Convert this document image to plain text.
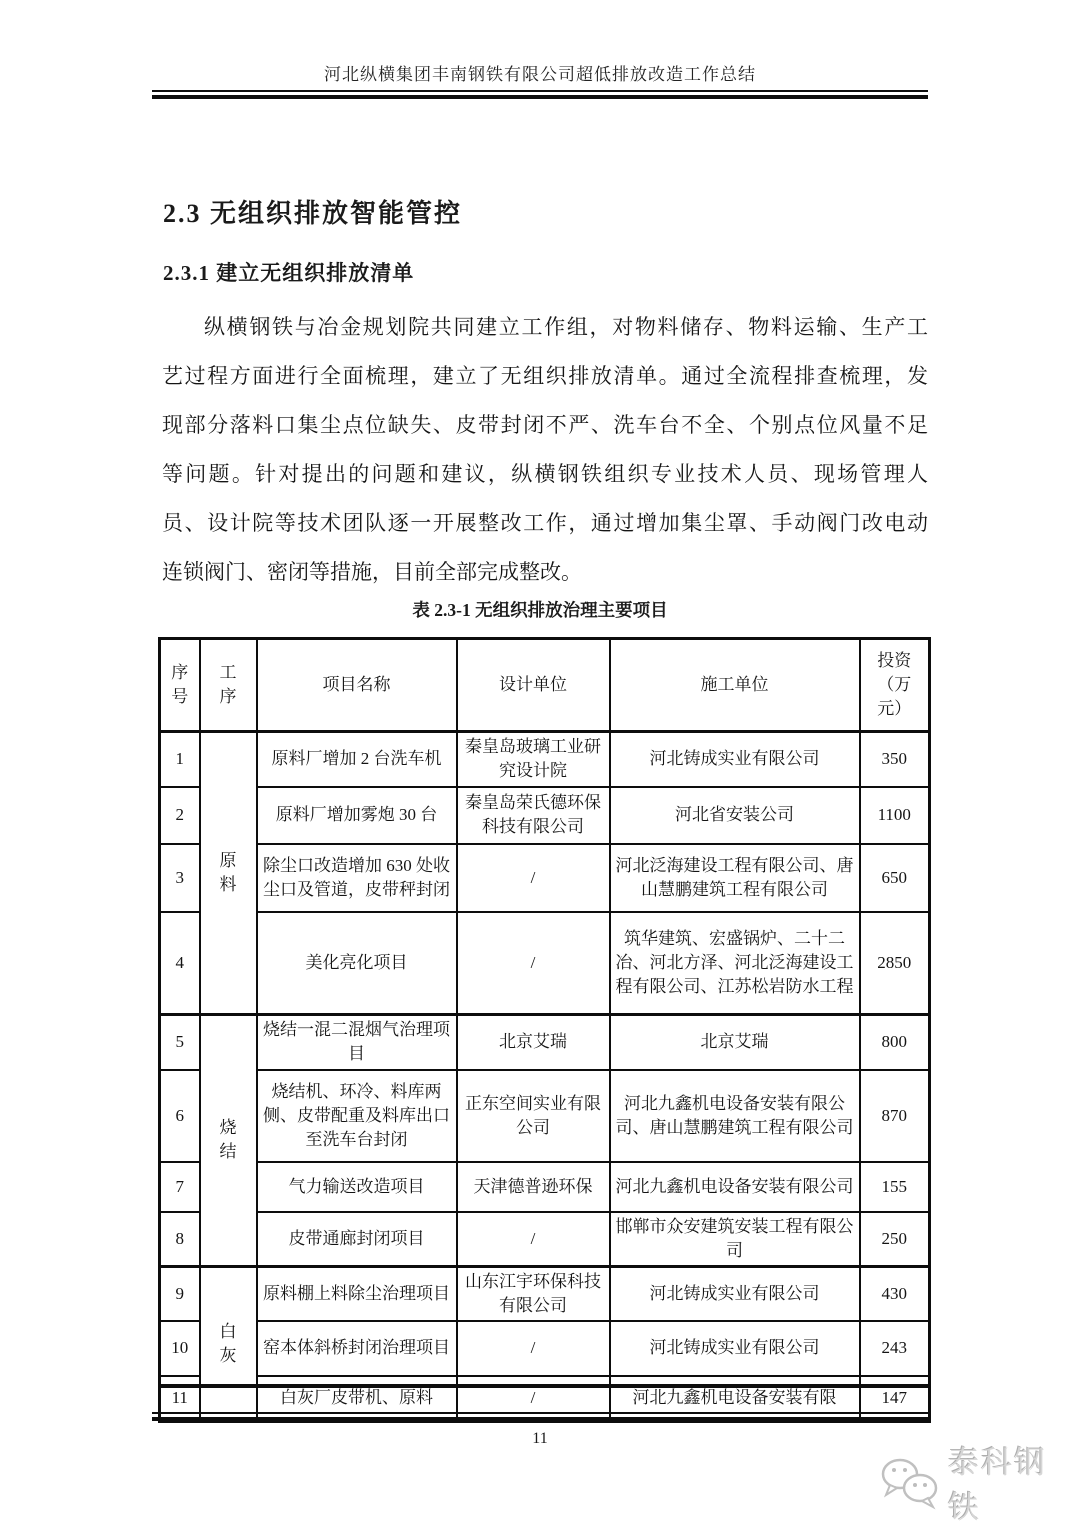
河北纵横集团丰南钢铁有限公司超低排放改造工作总结
2.3 无组织排放智能管控
2.3.1 建立无组织排放清单
纵横钢铁与冶金规划院共同建立工作组，对物料储存、物料运输、生产工
艺过程方面进行全面梳理，建立了无组织排放清单。通过全流程排查梳理，发
现部分落料口集尘点位缺失、皮带封闭不严、洗车台不全、个别点位风量不足
等问题。针对提出的问题和建议，纵横钢铁组织专业技术人员、现场管理人
员、设计院等技术团队逐一开展整改工作，通过增加集尘罩、手动阀门改电动
连锁阀门、密闭等措施，目前全部完成整改。
表 2.3-1 无组织排放治理主要项目
序号	工序	项目名称	设计单位	施工单位	投资（万元）
1	原料	原料厂增加 2 台洗车机	秦皇岛玻璃工业研究设计院	河北铸成实业有限公司	350
2		原料厂增加雾炮 30 台	秦皇岛荣氏德环保科技有限公司	河北省安装公司	1100
3		除尘口改造增加 630 处收尘口及管道，皮带秤封闭	/	河北泛海建设工程有限公司、唐山慧鹏建筑工程有限公司	650
4		美化亮化项目	/	筑华建筑、宏盛锅炉、二十二冶、河北方泽、河北泛海建设工程有限公司、江苏松岩防水工程	2850
5	烧结	烧结一混二混烟气治理项目	北京艾瑞	北京艾瑞	800
6		烧结机、环冷、料库两侧、皮带配重及料库出口至洗车台封闭	正东空间实业有限公司	河北九鑫机电设备安装有限公司、唐山慧鹏建筑工程有限公司	870
7		气力输送改造项目	天津德普逊环保	河北九鑫机电设备安装有限公司	155
8		皮带通廊封闭项目	/	邯郸市众安建筑安装工程有限公司	250
9	白灰	原料棚上料除尘治理项目	山东江宇环保科技有限公司	河北铸成实业有限公司	430
10		窑本体斜桥封闭治理项目	/	河北铸成实业有限公司	243
11		白灰厂皮带机、原料	/	河北九鑫机电设备安装有限	147
11
泰科钢铁
